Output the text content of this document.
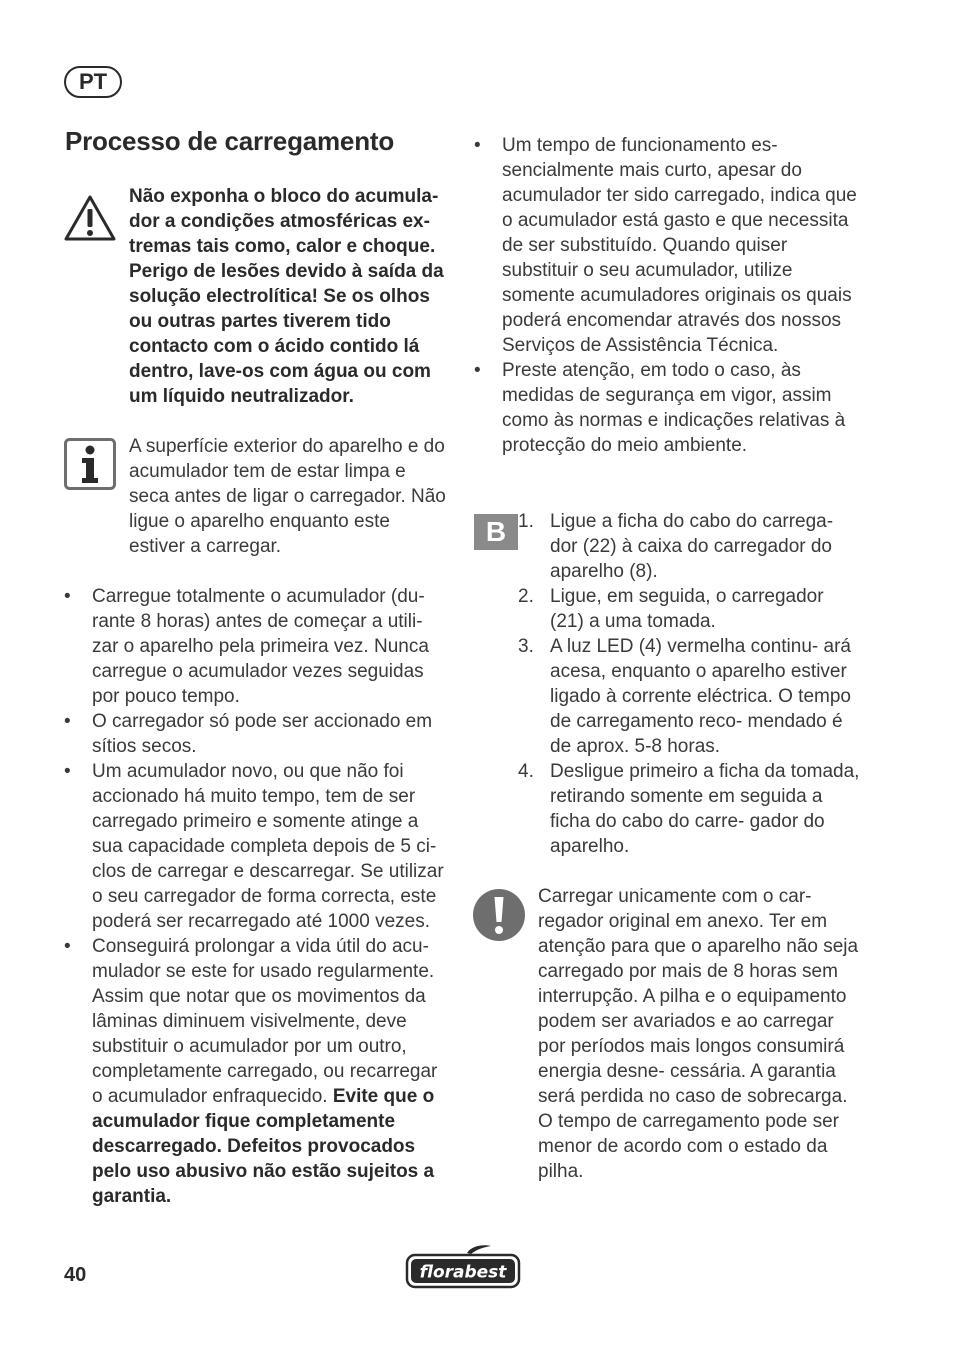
PT
Processo de carregamento
Não exponha o bloco do acumula- dor a condições atmosféricas ex- tremas tais como, calor e choque. Perigo de lesões devido à saída da solução electrolítica! Se os olhos ou outras partes tiverem tido contacto com o ácido contido lá dentro, lave-os com água ou com um líquido neutralizador.
A superfície exterior do aparelho e do acumulador tem de estar limpa e seca antes de ligar o carregador. Não ligue o aparelho enquanto este estiver a carregar.
• Carregue totalmente o acumulador (du- rante 8 horas) antes de começar a utili- zar o aparelho pela primeira vez. Nunca carregue o acumulador vezes seguidas por pouco tempo.
• O carregador só pode ser accionado em sítios secos.
• Um acumulador novo, ou que não foi accionado há muito tempo, tem de ser carregado primeiro e somente atinge a sua capacidade completa depois de 5 ci- clos de carregar e descarregar. Se utilizar o seu carregador de forma correcta, este poderá ser recarregado até 1000 vezes.
• Conseguirá prolongar a vida útil do acu- mulador se este for usado regularmente. Assim que notar que os movimentos da lâminas diminuem visivelmente, deve substituir o acumulador por um outro, completamente carregado, ou recarregar o acumulador enfraquecido. Evite que o acumulador fique completamente descarregado. Defeitos provocados pelo uso abusivo não estão sujeitos a garantia.
• Um tempo de funcionamento es- sencialmente mais curto, apesar do acumulador ter sido carregado, indica que o acumulador está gasto e que necessita de ser substituído. Quando quiser substituir o seu acumulador, utilize somente acumuladores originais os quais poderá encomendar através dos nossos Serviços de Assistência Técnica.
• Preste atenção, em todo o caso, às medidas de segurança em vigor, assim como às normas e indicações relativas à protecção do meio ambiente.
B 1. Ligue a ficha do cabo do carrega- dor (22) à caixa do carregador do aparelho (8).
2. Ligue, em seguida, o carregador (21) a uma tomada.
3. A luz LED (4) vermelha continu- ará acesa, enquanto o aparelho estiver ligado à corrente eléctrica. O tempo de carregamento reco- mendado é de aprox. 5-8 horas.
4. Desligue primeiro a ficha da tomada, retirando somente em seguida a ficha do cabo do carre- gador do aparelho.
Carregar unicamente com o car- regador original em anexo. Ter em atenção para que o aparelho não seja carregado por mais de 8 horas sem interrupção. A pilha e o equipamento podem ser avariados e ao carregar por períodos mais longos consumirá energia desne- cessária. A garantia será perdida no caso de sobrecarga. O tempo de carregamento pode ser menor de acordo com o estado da pilha.
40	florabest
